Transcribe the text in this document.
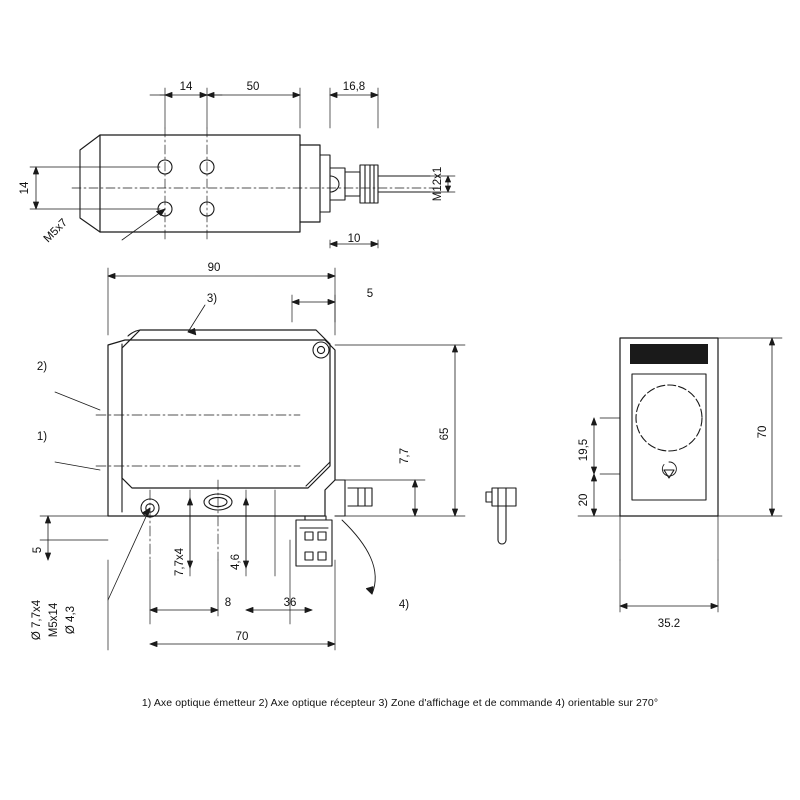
14	50	16,8
14
10
M5x7
M12x1
90
5
65
7,7
5	7,7x4	4,6
8	36
70
Ø 7,7x4 M5x14 Ø 4,3
1)
2)
3)
4)
70
19,5
20
35.2
1) Axe optique émetteur 2) Axe optique récepteur 3) Zone d'affichage et de commande 4) orientable sur 270°
